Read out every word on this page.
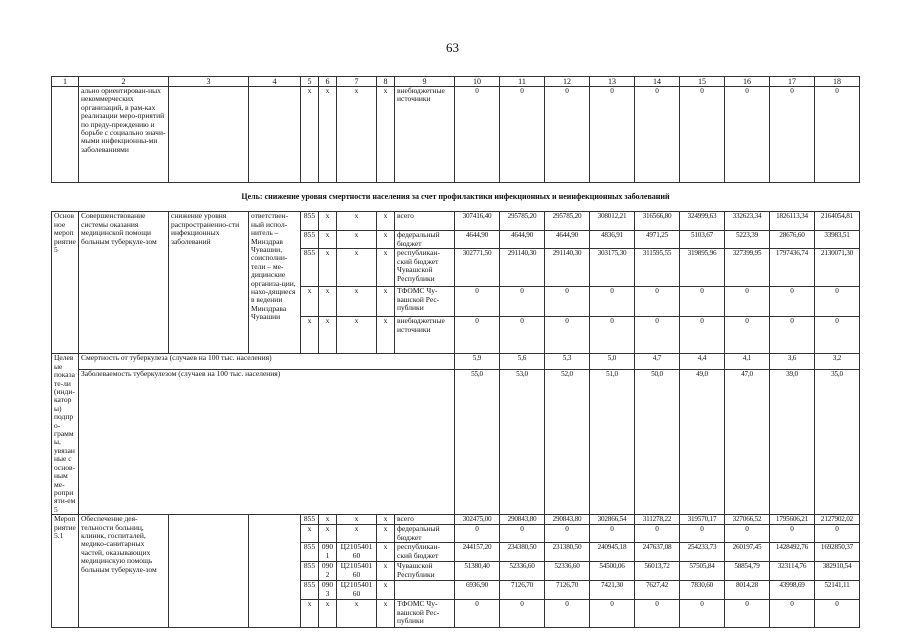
63
1	2	3	4	5	6	7	8	9	10	11	12	13	14	15	16	17	18
	ально ориентирован-ных некоммерческих организаций, в рам-ках реализации меро-приятий по преду-преждению и борьбе с социально значи-мыми инфекционны-ми заболеваниями			x	x	x	x	внебюджетные источники	0	0	0	0	0	0	0	0	0
Цель: снижение уровня смертности населения за счет профилактики инфекционных и неинфекционных заболеваний																	
Основное мероприятие 5	Совершенствование системы оказания медицинской помощи больным туберкуле-зом	снижение уровня распространенно-сти инфекционных заболеваний	ответствен-ный испол-нитель – Минздрав Чувашии, соисполни-тели – ме-дицинские организа-ции, нахо-дящиеся в ведении Минздрава Чувашии	855	x	x	x	всего	307416,40	295785,20	295785,20	308012,21	316566,80	324999,63	332623,34	1826113,34	2164054,81
				855	x	x	x	федеральный бюджет	4644,90	4644,90	4644,90	4836,91	4971,25	5103,67	5223,39	28676,60	33983,51
				855	x	x	x	республикан-ский бюджет Чувашской Республики	302771,50	291140,30	291140,30	303175,30	311595,55	319895,96	327399,95	1797436,74	2130071,30
				x	x	x	x	ТФОМС Чу-вашской Рес-публики	0	0	0	0	0	0	0	0	0
				x	x	x	x	внебюджетные источники	0	0	0	0	0	0	0	0	0
Целевые показате-ли (инди-каторы) подпро-граммы, увязанные с основ-ным ме-роприяти-ем 5	Смертность от туберкулеза (случаев на 100 тыс. населения)								5,9	5,6	5,3	5,0	4,7	4,4	4,1	3,6	3,2
	Заболеваемость туберкулезом (случаев на 100 тыс. населения)								55,0	53,0	52,0	51,0	50,0	49,0	47,0	39,0	35,0
Мероприятие 5.1	Обеспечение дея-тельности больниц, клиник, госпиталей, медико-санитарных частей, оказывающих медицинскую помощь больным туберкуле-зом			855	x	x	x	всего	302475,00	290843,80	290843,80	302866,54	311278,22	319570,17	327066,52	1795606,21	2127902,02
				x	x	x	x	федеральный бюджет	0	0	0	0	0	0	0	0	0
				855	0901	Ц2105401 60	x	республикан-ский бюджет	244157,20	234380,50	231380,50	240945,18	247637,08	254233,73	260197,45	1428492,76	1692850,37
				855	0902	Ц2105401 60	x	Чувашской Республики	51380,40	52336,60	52336,60	54500,06	56013,72	57505,84	58854,79	323114,76	382910,54
				855	0903	Ц2105401 60	x		6936,90	7126,70	7126,70	7421,30	7627,42	7830,60	8014,28	43998,69	52141,11
				x	x	x	x	ТФОМС Чу-вашской Рес-публики	0	0	0	0	0	0	0	0	0
